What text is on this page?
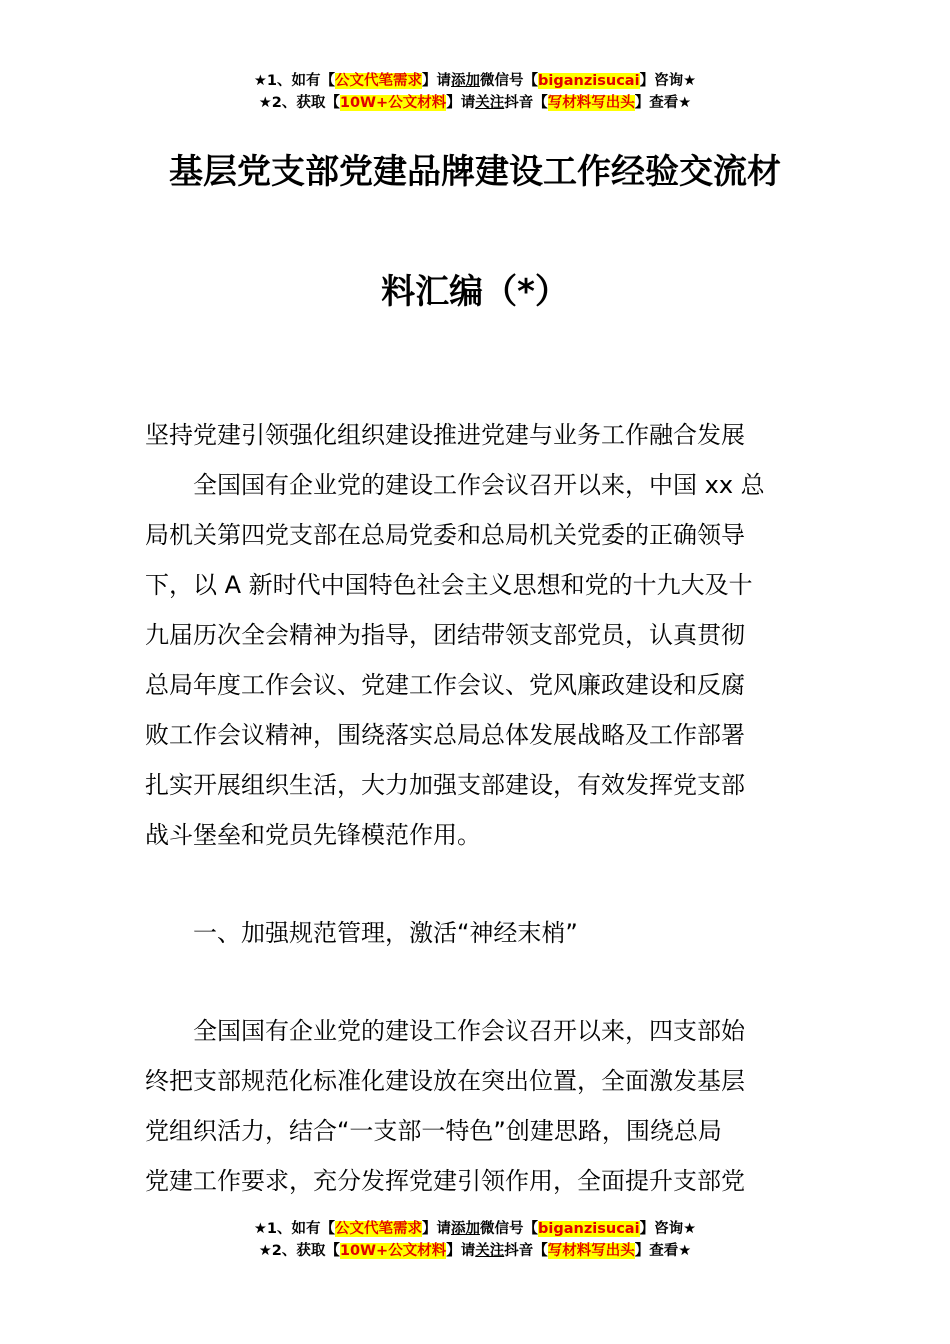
★1、如有【公文代笔需求】请添加微信号【biganzisucai】咨询★
★2、获取【10W+公文材料】请关注抖音【写材料写出头】查看★
基层党支部党建品牌建设工作经验交流材
料汇编（*）
坚持党建引领强化组织建设推进党建与业务工作融合发展
全国国有企业党的建设工作会议召开以来，中国 xx 总
局机关第四党支部在总局党委和总局机关党委的正确领导
下，以 A 新时代中国特色社会主义思想和党的十九大及十
九届历次全会精神为指导，团结带领支部党员，认真贯彻
总局年度工作会议、党建工作会议、党风廉政建设和反腐
败工作会议精神，围绕落实总局总体发展战略及工作部署
扎实开展组织生活，大力加强支部建设，有效发挥党支部
战斗堡垒和党员先锋模范作用。
一、加强规范管理，激活“神经末梢”
全国国有企业党的建设工作会议召开以来，四支部始
终把支部规范化标准化建设放在突出位置，全面激发基层
党组织活力，结合“一支部一特色”创建思路，围绕总局
党建工作要求，充分发挥党建引领作用，全面提升支部党
★1、如有【公文代笔需求】请添加微信号【biganzisucai】咨询★
★2、获取【10W+公文材料】请关注抖音【写材料写出头】查看★
